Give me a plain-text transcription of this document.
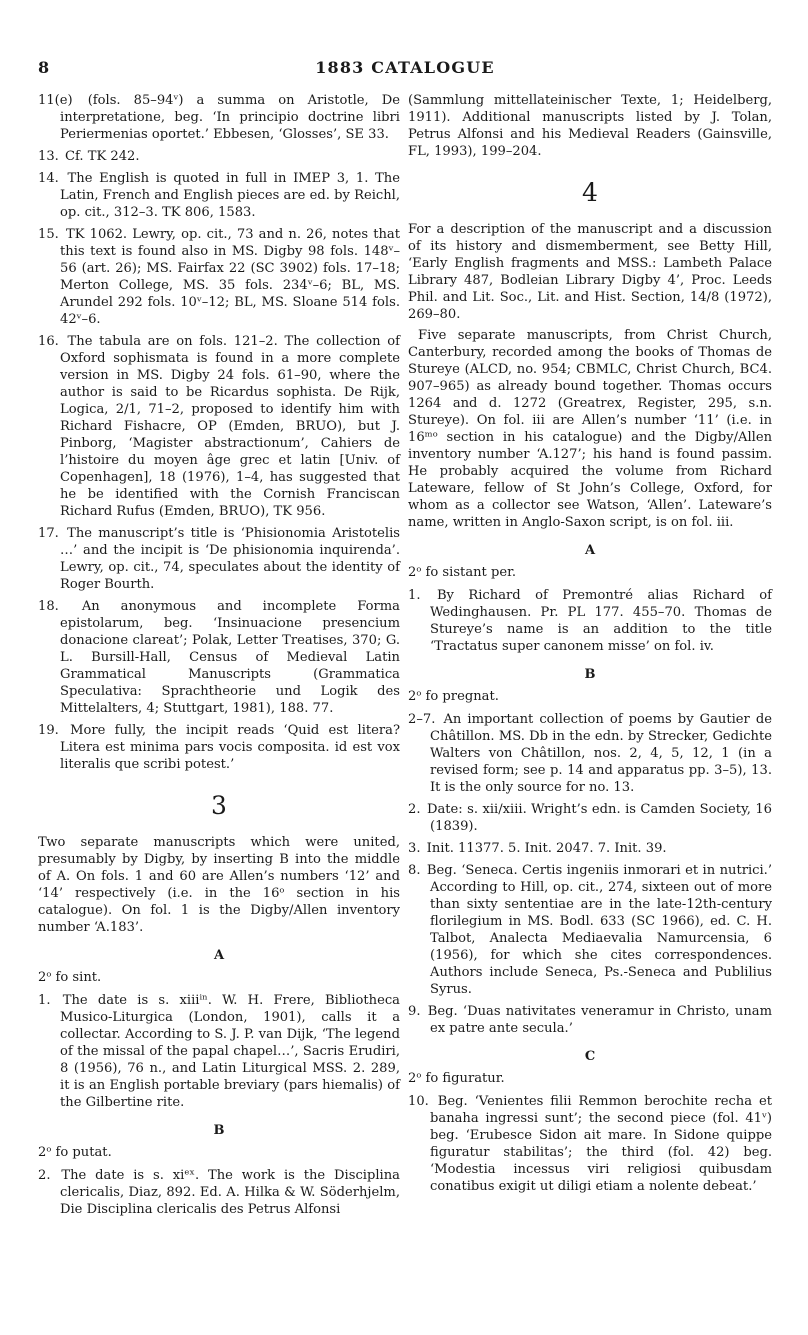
8	1883 CATALOGUE

11(e) (fols. 85–94ᵛ) a summa on Aristotle, De interpretatione, beg. ‘In principio doctrine libri Periermenias oportet.’ Ebbesen, ‘Glosses’, SE 33.

13. Cf. TK 242.

14. The English is quoted in full in IMEP 3, 1. The Latin, French and English pieces are ed. by Reichl, op. cit., 312–3. TK 806, 1583.

15. TK 1062. Lewry, op. cit., 73 and n. 26, notes that this text is found also in MS. Digby 98 fols. 148ᵛ–56 (art. 26); MS. Fairfax 22 (SC 3902) fols. 17–18; Merton College, MS. 35 fols. 234ᵛ–6; BL, MS. Arundel 292 fols. 10ᵛ–12; BL, MS. Sloane 514 fols. 42ᵛ–6.

16. The tabula are on fols. 121–2. The collection of Oxford sophismata is found in a more complete version in MS. Digby 24 fols. 61–90, where the author is said to be Ricardus sophista. De Rijk, Logica, 2/1, 71–2, proposed to identify him with Richard Fishacre, OP (Emden, BRUO), but J. Pinborg, ‘Magister abstractionum’, Cahiers de l’histoire du moyen âge grec et latin [Univ. of Copenhagen], 18 (1976), 1–4, has suggested that he be identified with the Cornish Franciscan Richard Rufus (Emden, BRUO), TK 956.

17. The manuscript’s title is ‘Phisionomia Aristotelis …’ and the incipit is ‘De phisionomia inquirenda’. Lewry, op. cit., 74, speculates about the identity of Roger Bourth.

18. An anonymous and incomplete Forma epistolarum, beg. ‘Insinuacione presencium donacione clareat’; Polak, Letter Treatises, 370; G. L. Bursill-Hall, Census of Medieval Latin Grammatical Manuscripts (Grammatica Speculativa: Sprachtheorie und Logik des Mittelalters, 4; Stuttgart, 1981), 188. 77.

19. More fully, the incipit reads ‘Quid est litera? Litera est minima pars vocis composita. id est vox literalis que scribi potest.’

3

Two separate manuscripts which were united, presumably by Digby, by inserting B into the middle of A. On fols. 1 and 60 are Allen’s numbers ‘12’ and ‘14’ respectively (i.e. in the 16ᵒ section in his catalogue). On fol. 1 is the Digby/Allen inventory number ‘A.183’.

A

2ᵒ fo sint.

1. The date is s. xiiiⁱⁿ. W. H. Frere, Bibliotheca Musico-Liturgica (London, 1901), calls it a collectar. According to S. J. P. van Dijk, ‘The legend of the missal of the papal chapel…’, Sacris Erudiri, 8 (1956), 76 n., and Latin Liturgical MSS. 2. 289, it is an English portable breviary (pars hiemalis) of the Gilbertine rite.

B

2ᵒ fo putat.

2. The date is s. xiᵉˣ. The work is the Disciplina clericalis, Diaz, 892. Ed. A. Hilka & W. Söderhjelm, Die Disciplina clericalis des Petrus Alfonsi

(Sammlung mittellateinischer Texte, 1; Heidelberg, 1911). Additional manuscripts listed by J. Tolan, Petrus Alfonsi and his Medieval Readers (Gainsville, FL, 1993), 199–204.

4

For a description of the manuscript and a discussion of its history and dismemberment, see Betty Hill, ‘Early English fragments and MSS.: Lambeth Palace Library 487, Bodleian Library Digby 4’, Proc. Leeds Phil. and Lit. Soc., Lit. and Hist. Section, 14/8 (1972), 269–80.

Five separate manuscripts, from Christ Church, Canterbury, recorded among the books of Thomas de Stureye (ALCD, no. 954; CBMLC, Christ Church, BC4. 907–965) as already bound together. Thomas occurs 1264 and d. 1272 (Greatrex, Register, 295, s.n. Stureye). On fol. iii are Allen’s number ‘11’ (i.e. in 16ᵐᵒ section in his catalogue) and the Digby/Allen inventory number ‘A.127’; his hand is found passim. He probably acquired the volume from Richard Lateware, fellow of St John’s College, Oxford, for whom as a collector see Watson, ‘Allen’. Lateware’s name, written in Anglo-Saxon script, is on fol. iii.

A

2ᵒ fo sistant per.

1. By Richard of Premontré alias Richard of Wedinghausen. Pr. PL 177. 455–70. Thomas de Stureye’s name is an addition to the title ‘Tractatus super canonem misse’ on fol. iv.

B

2ᵒ fo pregnat.

2–7. An important collection of poems by Gautier de Châtillon. MS. Db in the edn. by Strecker, Gedichte Walters von Châtillon, nos. 2, 4, 5, 12, 1 (in a revised form; see p. 14 and apparatus pp. 3–5), 13. It is the only source for no. 13.

2. Date: s. xii/xiii. Wright’s edn. is Camden Society, 16 (1839).

3. Init. 11377. 5. Init. 2047. 7. Init. 39.

8. Beg. ‘Seneca. Certis ingeniis inmorari et in nutrici.’ According to Hill, op. cit., 274, sixteen out of more than sixty sententiae are in the late-12th-century florilegium in MS. Bodl. 633 (SC 1966), ed. C. H. Talbot, Analecta Mediaevalia Namurcensia, 6 (1956), for which she cites correspondences. Authors include Seneca, Ps.-Seneca and Publilius Syrus.

9. Beg. ‘Duas nativitates veneramur in Christo, unam ex patre ante secula.’

C

2ᵒ fo figuratur.

10. Beg. ‘Venientes filii Remmon berochite recha et banaha ingressi sunt’; the second piece (fol. 41ᵛ) beg. ‘Erubesce Sidon ait mare. In Sidone quippe figuratur stabilitas’; the third (fol. 42) beg. ‘Modestia incessus viri religiosi quibusdam conatibus exigit ut diligi etiam a nolente debeat.’
